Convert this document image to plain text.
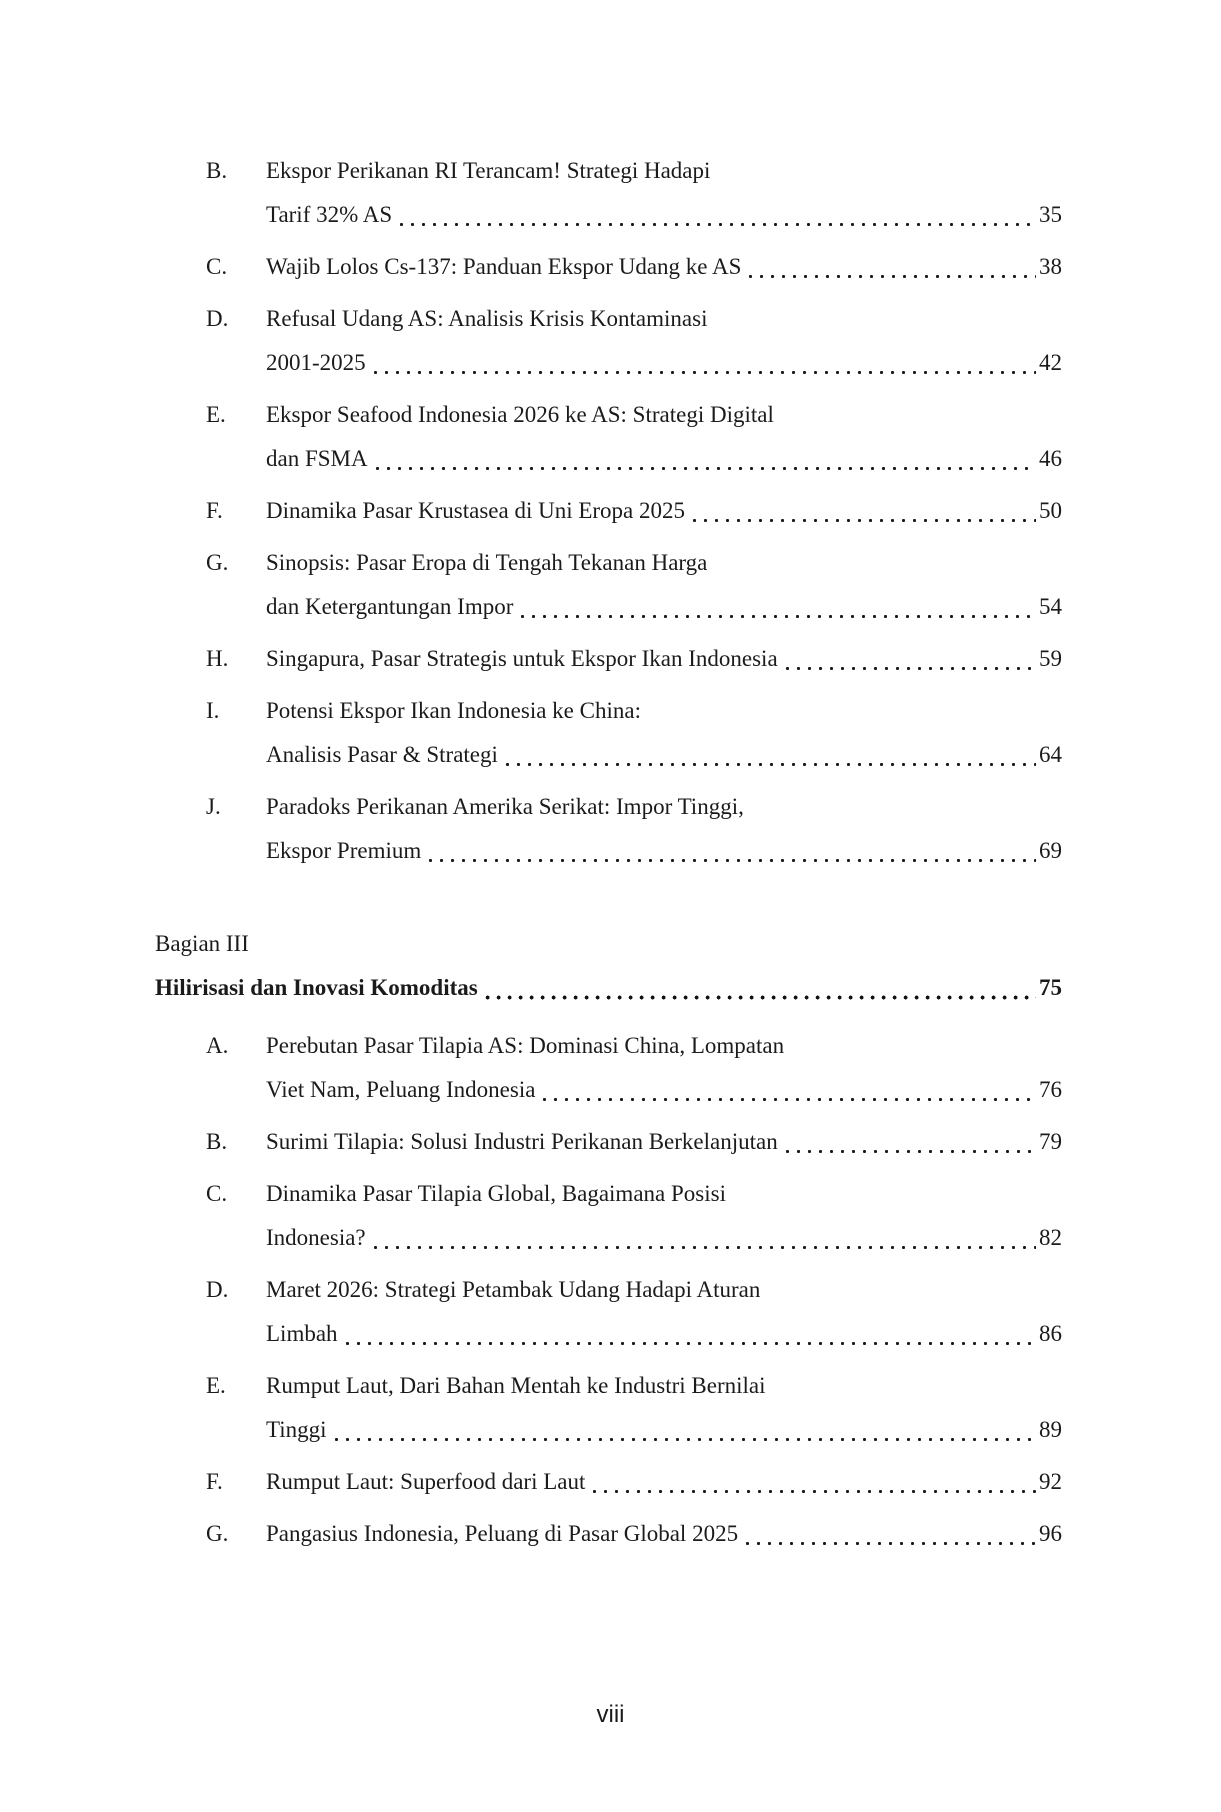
B.	Ekspor Perikanan RI Terancam! Strategi Hadapi
Tarif 32% AS	35
C.	Wajib Lolos Cs-137: Panduan Ekspor Udang ke AS	38
D.	Refusal Udang AS: Analisis Krisis Kontaminasi
2001-2025	42
E.	Ekspor Seafood Indonesia 2026 ke AS: Strategi Digital
dan FSMA	46
F.	Dinamika Pasar Krustasea di Uni Eropa 2025	50
G.	Sinopsis: Pasar Eropa di Tengah Tekanan Harga
dan Ketergantungan Impor	54
H.	Singapura, Pasar Strategis untuk Ekspor Ikan Indonesia	59
I.	Potensi Ekspor Ikan Indonesia ke China:
Analisis Pasar & Strategi	64
J.	Paradoks Perikanan Amerika Serikat: Impor Tinggi,
Ekspor Premium	69
Bagian III
Hilirisasi dan Inovasi Komoditas	75
A.	Perebutan Pasar Tilapia AS: Dominasi China, Lompatan
Viet Nam, Peluang Indonesia	76
B.	Surimi Tilapia: Solusi Industri Perikanan Berkelanjutan	79
C.	Dinamika Pasar Tilapia Global, Bagaimana Posisi
Indonesia?	82
D.	Maret 2026: Strategi Petambak Udang Hadapi Aturan
Limbah	86
E.	Rumput Laut, Dari Bahan Mentah ke Industri Bernilai
Tinggi	89
F.	Rumput Laut: Superfood dari Laut	92
G.	Pangasius Indonesia, Peluang di Pasar Global 2025	96
viii
